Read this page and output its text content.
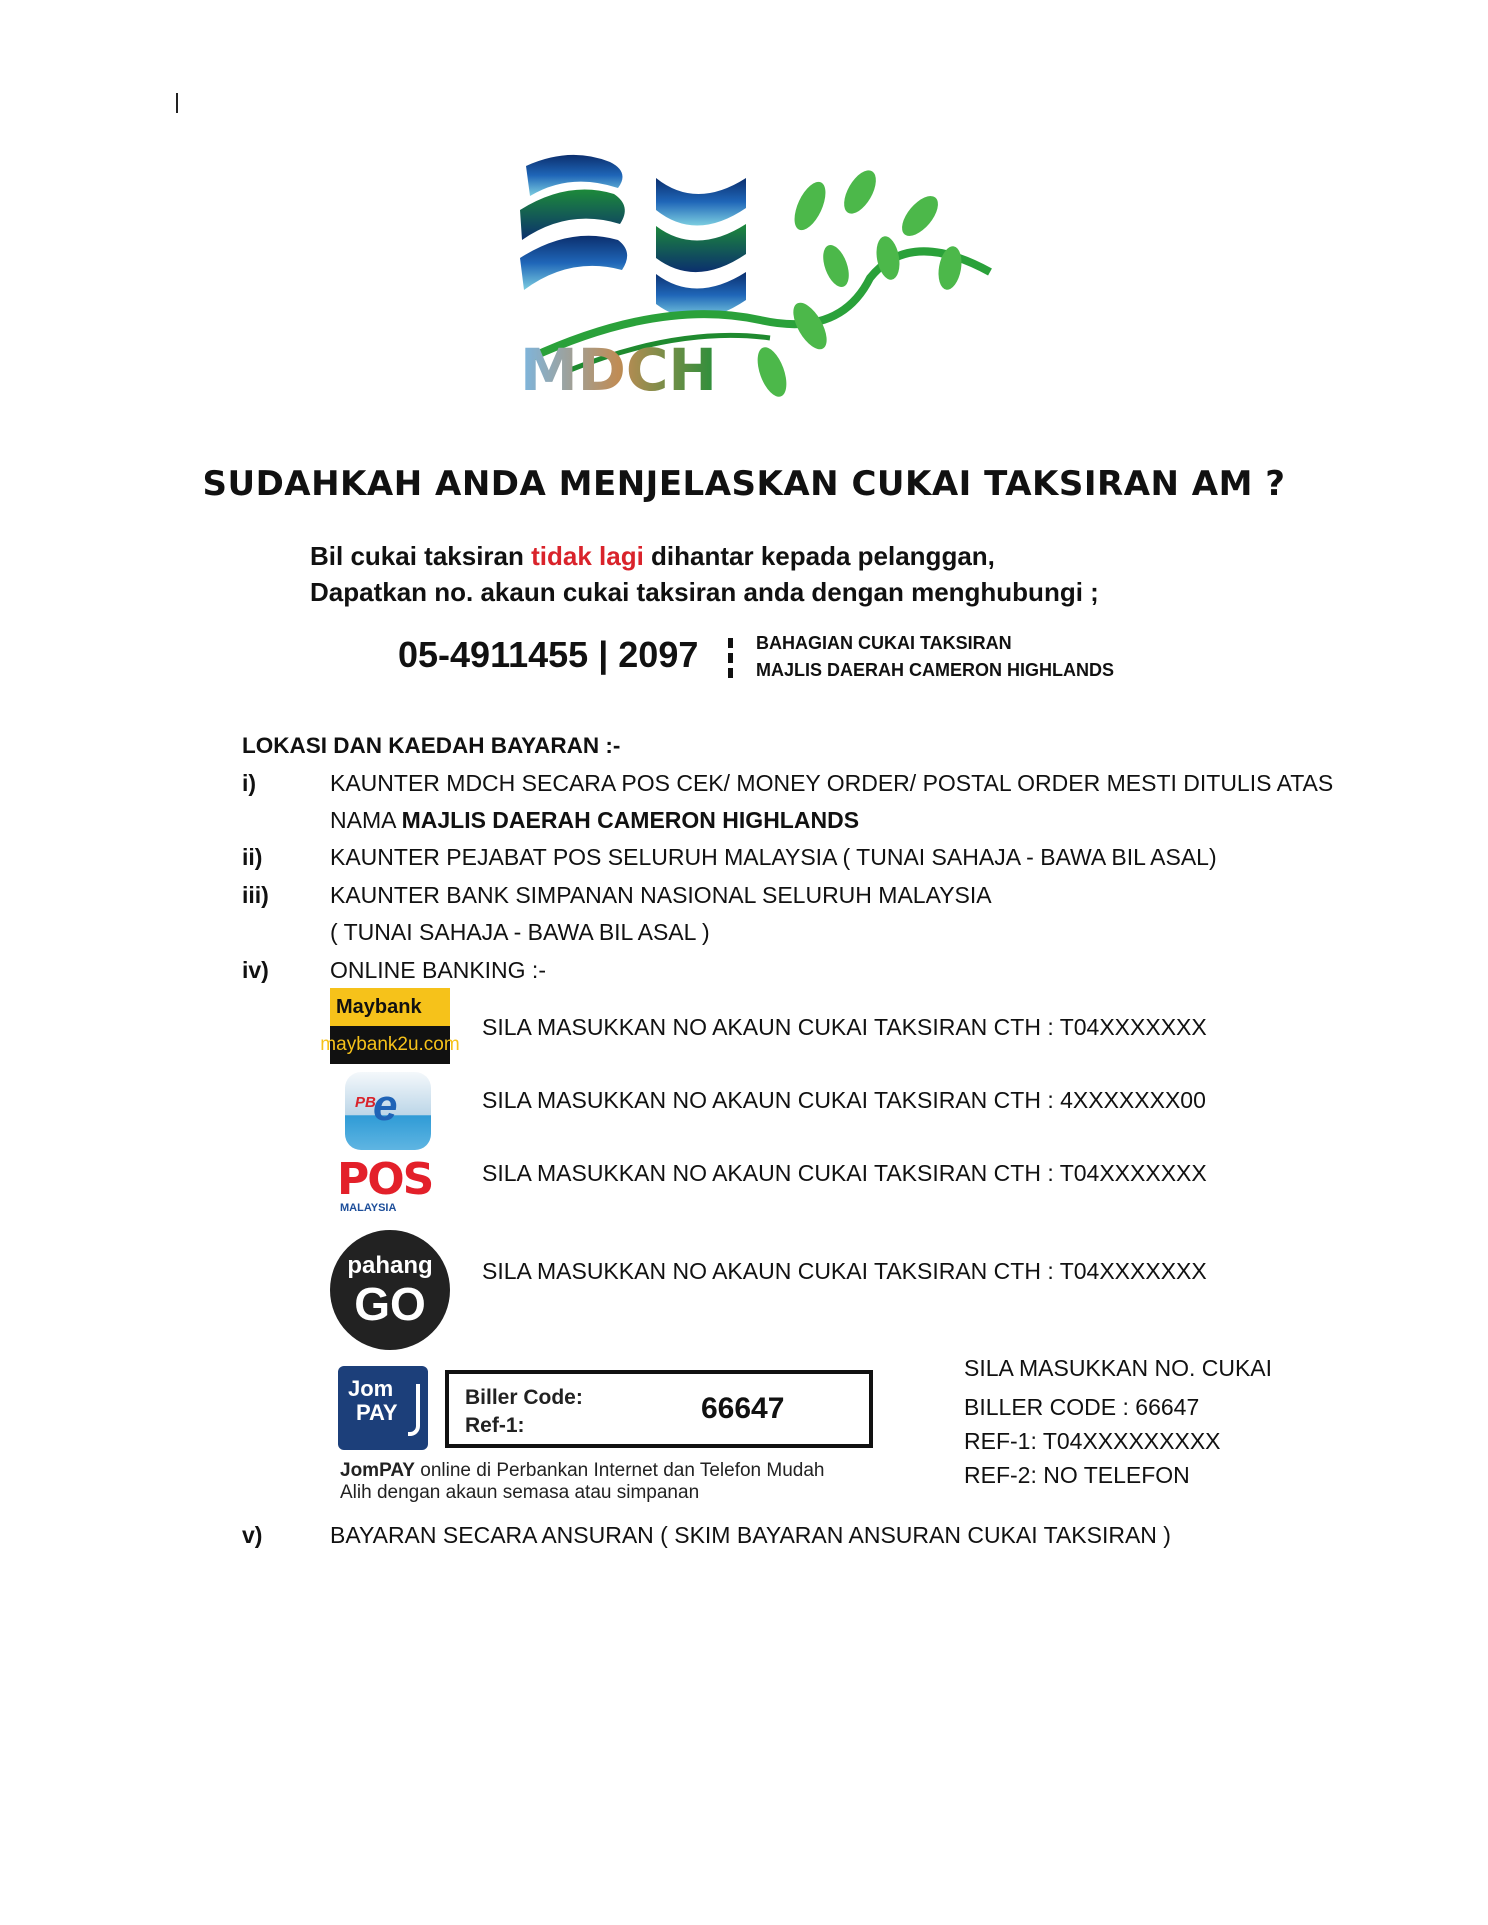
MDCH
SUDAHKAH ANDA MENJELASKAN CUKAI TAKSIRAN AM ?
Bil cukai taksiran tidak lagi dihantar kepada pelanggan,
Dapatkan no. akaun cukai taksiran anda dengan menghubungi ;
05-4911455 | 2097	BAHAGIAN CUKAI TAKSIRAN
MAJLIS DAERAH CAMERON HIGHLANDS
LOKASI DAN KAEDAH BAYARAN :-
i)	KAUNTER MDCH SECARA POS CEK/ MONEY ORDER/ POSTAL ORDER MESTI DITULIS ATAS
NAMA MAJLIS DAERAH CAMERON HIGHLANDS
ii)	KAUNTER PEJABAT POS SELURUH MALAYSIA ( TUNAI SAHAJA - BAWA BIL ASAL)
iii)	KAUNTER BANK SIMPANAN NASIONAL SELURUH MALAYSIA
( TUNAI SAHAJA - BAWA BIL ASAL )
iv)	ONLINE BANKING :-
Maybank
maybank2u.com
SILA MASUKKAN NO AKAUN CUKAI TAKSIRAN CTH : T04XXXXXXX
PB
e	SILA MASUKKAN NO AKAUN CUKAI TAKSIRAN CTH : 4XXXXXXX00
POS
MALAYSIA
SILA MASUKKAN NO AKAUN CUKAI TAKSIRAN CTH : T04XXXXXXX
pahang
GO
SILA MASUKKAN NO AKAUN CUKAI TAKSIRAN CTH : T04XXXXXXX
Jom
PAY
Biller Code:
Ref-1:
66647
JomPAY online di Perbankan Internet dan Telefon Mudah
Alih dengan akaun semasa atau simpanan
SILA MASUKKAN NO. CUKAI
BILLER CODE : 66647
REF-1: T04XXXXXXXXX
REF-2: NO TELEFON
v)	BAYARAN SECARA ANSURAN ( SKIM BAYARAN ANSURAN CUKAI TAKSIRAN )
